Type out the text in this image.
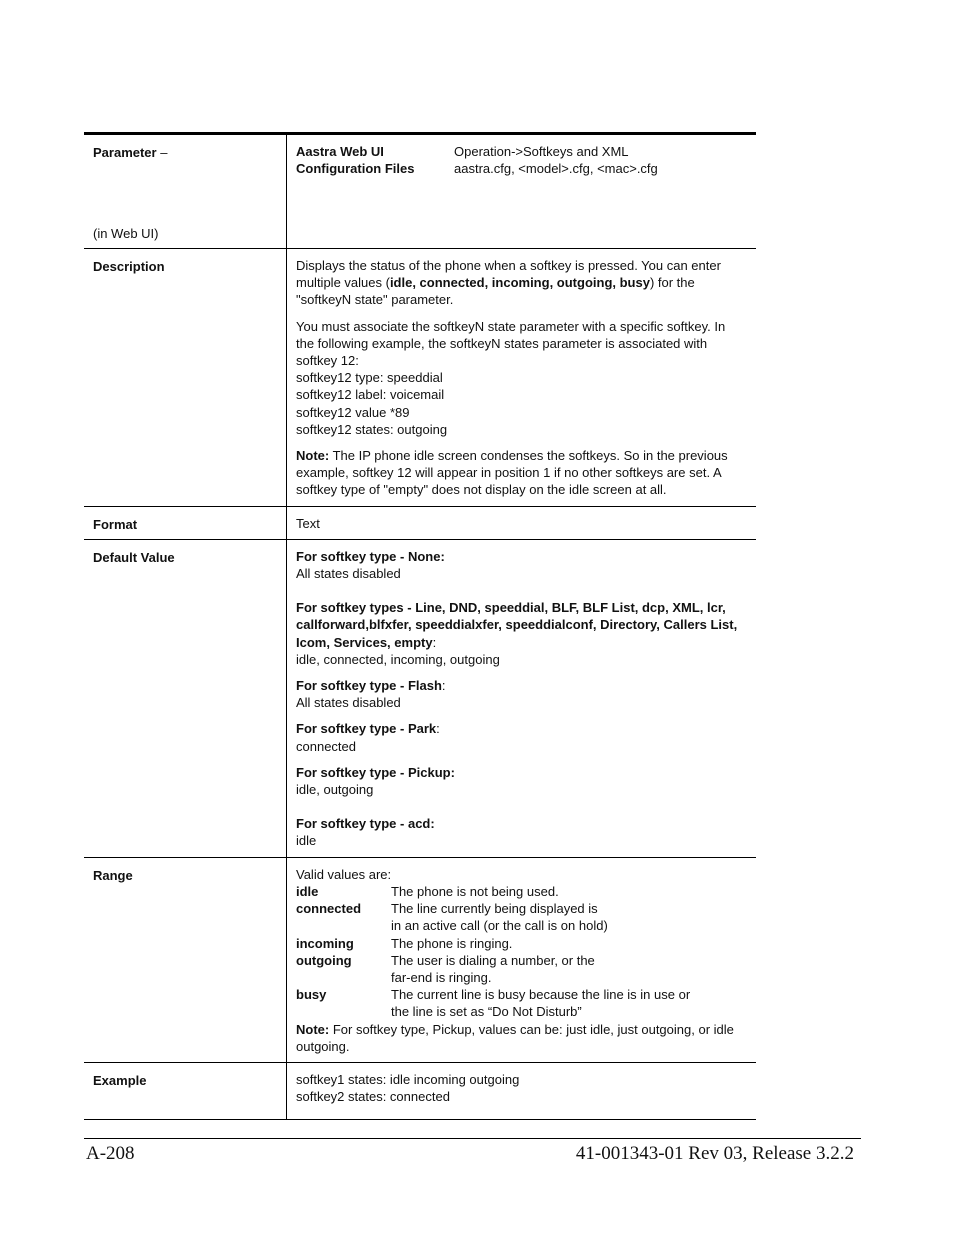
Parameter –
(in Web UI)
Aastra Web UI	Operation->Softkeys and XML
Configuration Files	aastra.cfg, <model>.cfg, <mac>.cfg
Description	Displays the status of the phone when a softkey is pressed. You can enter multiple values (idle, connected, incoming, outgoing, busy) for the "softkeyN state" parameter.

You must associate the softkeyN state parameter with a specific softkey. In the following example, the softkeyN states parameter is associated with softkey 12:
softkey12 type: speeddial
softkey12 label: voicemail
softkey12 value *89
softkey12 states: outgoing

Note: The IP phone idle screen condenses the softkeys. So in the previous example, softkey 12 will appear in position 1 if no other softkeys are set. A softkey type of "empty" does not display on the idle screen at all.

Format	Text
Default Value	For softkey type - None:
All states disabled
For softkey types - Line, DND, speeddial, BLF, BLF List, dcp, XML, lcr, callforward,blfxfer, speeddialxfer, speeddialconf, Directory, Callers List, Icom, Services, empty:
idle, connected, incoming, outgoing
For softkey type - Flash:
All states disabled
For softkey type - Park:
connected
For softkey type - Pickup:
idle, outgoing
For softkey type - acd:
idle
Range	Valid values are:
idle	The phone is not being used.
connected	The line currently being displayed is
in an active call (or the call is on hold)
incoming	The phone is ringing.
outgoing	The user is dialing a number, or the
far-end is ringing.
busy	The current line is busy because the line is in use or
the line is set as “Do Not Disturb”
Note: For softkey type, Pickup, values can be: just idle, just outgoing, or idle outgoing.
Example	softkey1 states: idle incoming outgoing
softkey2 states: connected
A-208	41-001343-01 Rev 03, Release 3.2.2
